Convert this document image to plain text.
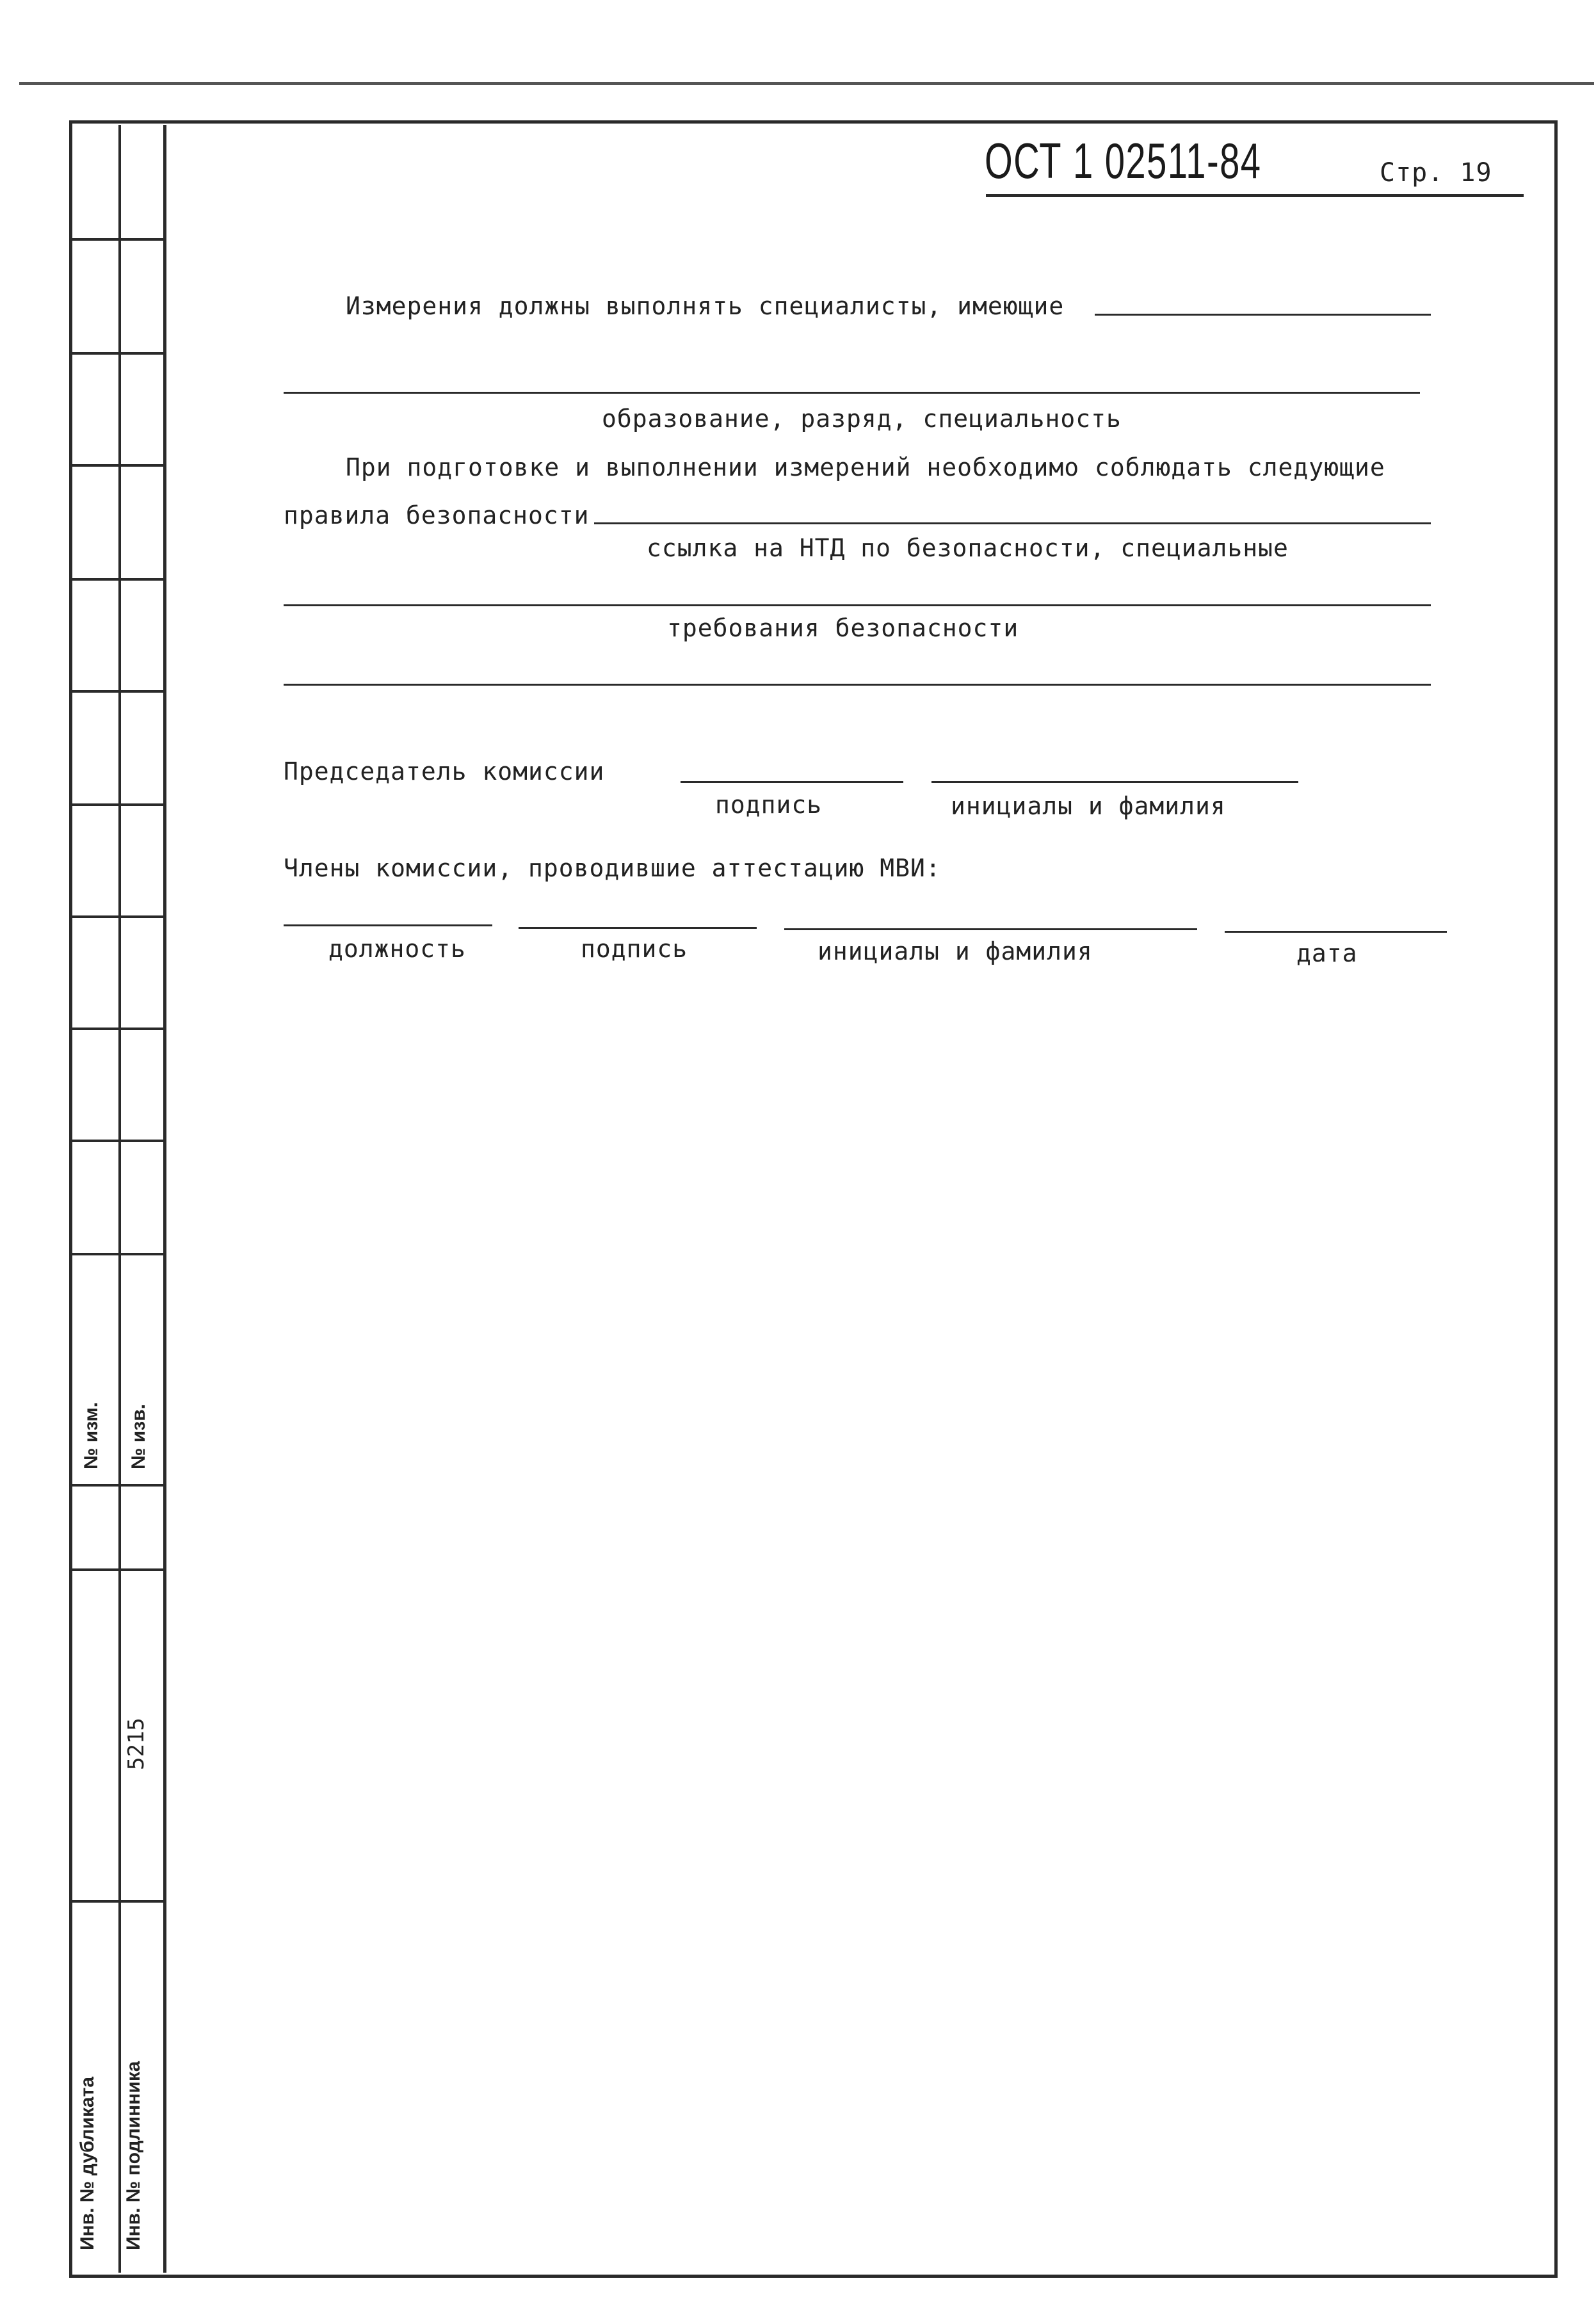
№ изм. № изв.
5215
Инв. № дубликата Инв. № подлинника
ОСТ 1 02511-84	Стр. 19
Измерения должны выполнять специалисты, имеющие
образование, разряд, специальность
При подготовке и выполнении измерений необходимо соблюдать следующие
правила безопасности
ссылка на НТД по безопасности, специальные
требования безопасности
Председатель комиссии
подпись	инициалы и фамилия
Члены комиссии, проводившие аттестацию МВИ:
должность	подпись	инициалы и фамилия	дата
